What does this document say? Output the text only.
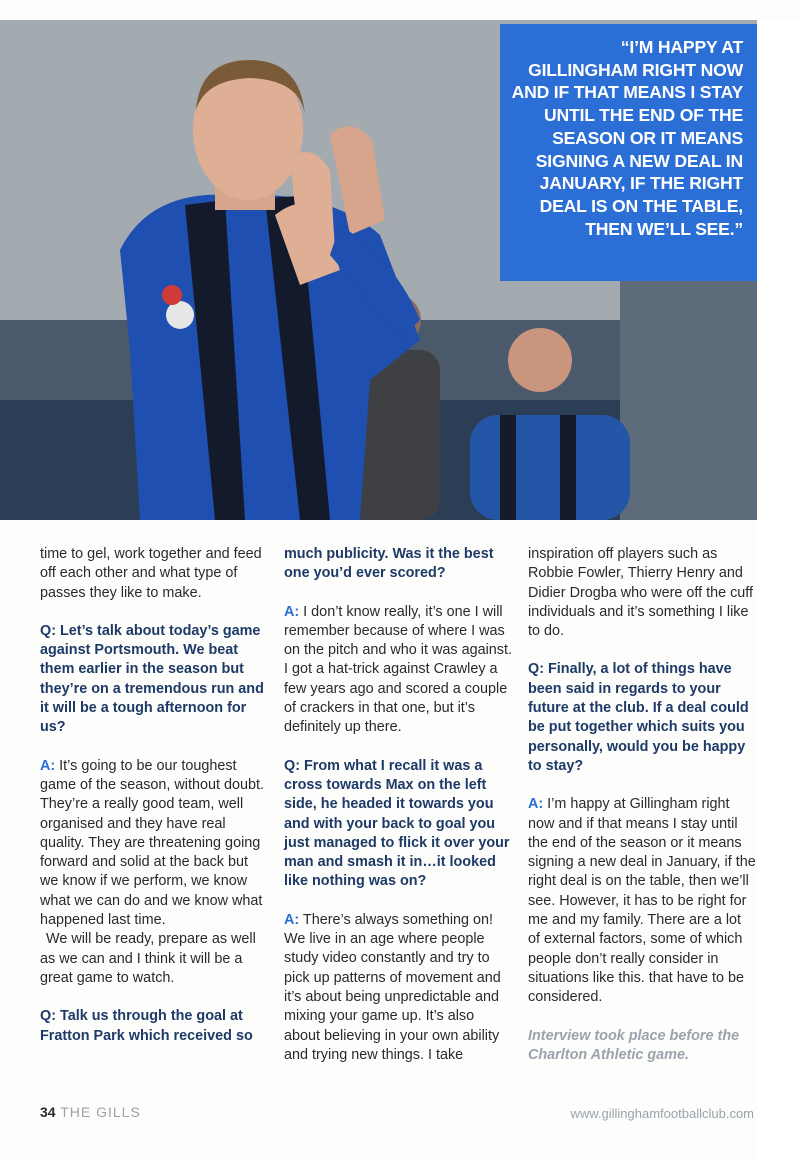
“I’M HAPPY AT GILLINGHAM RIGHT NOW AND IF THAT MEANS I STAY UNTIL THE END OF THE SEASON OR IT MEANS SIGNING A NEW DEAL IN JANUARY, IF THE RIGHT DEAL IS ON THE TABLE, THEN WE’LL SEE.”

time to gel, work together and feed off each other and what type of passes they like to make.

Q: Let’s talk about today’s game against Portsmouth. We beat them earlier in the season but they’re on a tremendous run and it will be a tough afternoon for us?

A: It’s going to be our toughest game of the season, without doubt. They’re a really good team, well organised and they have real quality. They are threatening going forward and solid at the back but we know if we perform, we know what we can do and we know what happened last time.

We will be ready, prepare as well as we can and I think it will be a great game to watch.

Q: Talk us through the goal at Fratton Park which received so

much publicity. Was it the best one you’d ever scored?

A: I don’t know really, it’s one I will remember because of where I was on the pitch and who it was against. I got a hat-trick against Crawley a few years ago and scored a couple of crackers in that one, but it’s definitely up there.

Q: From what I recall it was a cross towards Max on the left side, he headed it towards you and with your back to goal you just managed to flick it over your man and smash it in…it looked like nothing was on?

A: There’s always something on! We live in an age where people study video constantly and try to pick up patterns of movement and it’s about being unpredictable and mixing your game up. It’s also about believing in your own ability and trying new things. I take

inspiration off players such as Robbie Fowler, Thierry Henry and Didier Drogba who were off the cuff individuals and it’s something I like to do.

Q: Finally, a lot of things have been said in regards to your future at the club. If a deal could be put together which suits you personally, would you be happy to stay?

A: I’m happy at Gillingham right now and if that means I stay until the end of the season or it means signing a new deal in January, if the right deal is on the table, then we’ll see. However, it has to be right for me and my family. There are a lot of external factors, some of which people don’t really consider in situations like this. that have to be considered.

Interview took place before the Charlton Athletic game.

34 THE GILLS	www.gillinghamfootballclub.com
